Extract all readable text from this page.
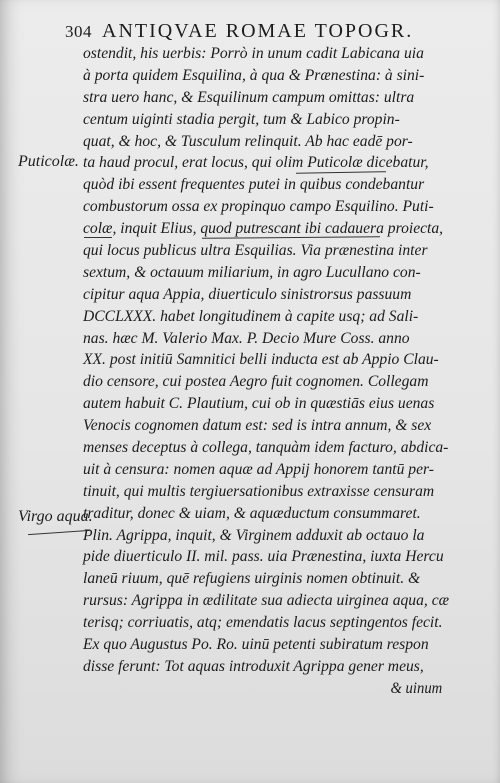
304 ANTIQVAE ROMAE TOPOGR.
Puticolæ.
Virgo aqua.
ostendit, his uerbis: Porrò in unum cadit Labicana uia
à porta quidem Esquilina, à qua & Prænestina: à sini-
stra uero hanc, & Esquilinum campum omittas: ultra
centum uiginti stadia pergit, tum & Labico propin-
quat, & hoc, & Tusculum relinquit. Ab hac eadē por-
ta haud procul, erat locus, qui olim Puticolæ dicebatur,
quòd ibi essent frequentes putei in quibus condebantur
combustorum ossa ex propinquo campo Esquilino. Puti-
colæ, inquit Elius, quod putrescant ibi cadauera proiecta,
qui locus publicus ultra Esquilias. Via prænestina inter
sextum, & octauum miliarium, in agro Lucullano con-
cipitur aqua Appia, diuerticulo sinistrorsus passuum
DCCLXXX. habet longitudinem à capite usq; ad Sali-
nas. hæc M. Valerio Max. P. Decio Mure Coss. anno
XX. post initiū Samnitici belli inducta est ab Appio Clau-
dio censore, cui postea Aegro fuit cognomen. Collegam
autem habuit C. Plautium, cui ob in quæstiās eius uenas
Venocis cognomen datum est: sed is intra annum, & sex
menses deceptus à collega, tanquàm idem facturo, abdica-
uit à censura: nomen aquæ ad Appij honorem tantū per-
tinuit, qui multis tergiuersationibus extraxisse censuram
traditur, donec & uiam, & aquæductum consummaret.
Plin. Agrippa, inquit, & Virginem adduxit ab octauo la
pide diuerticulo II. mil. pass. uia Prænestina, iuxta Hercu
laneū riuum, quē refugiens uirginis nomen obtinuit. &
rursus: Agrippa in ædilitate sua adiecta uirginea aqua, cæ
terisq; corriuatis, atq; emendatis lacus septingentos fecit.
Ex quo Augustus Po. Ro. uinū petenti subiratum respon
disse ferunt: Tot aquas introduxit Agrippa gener meus,
& uinum
